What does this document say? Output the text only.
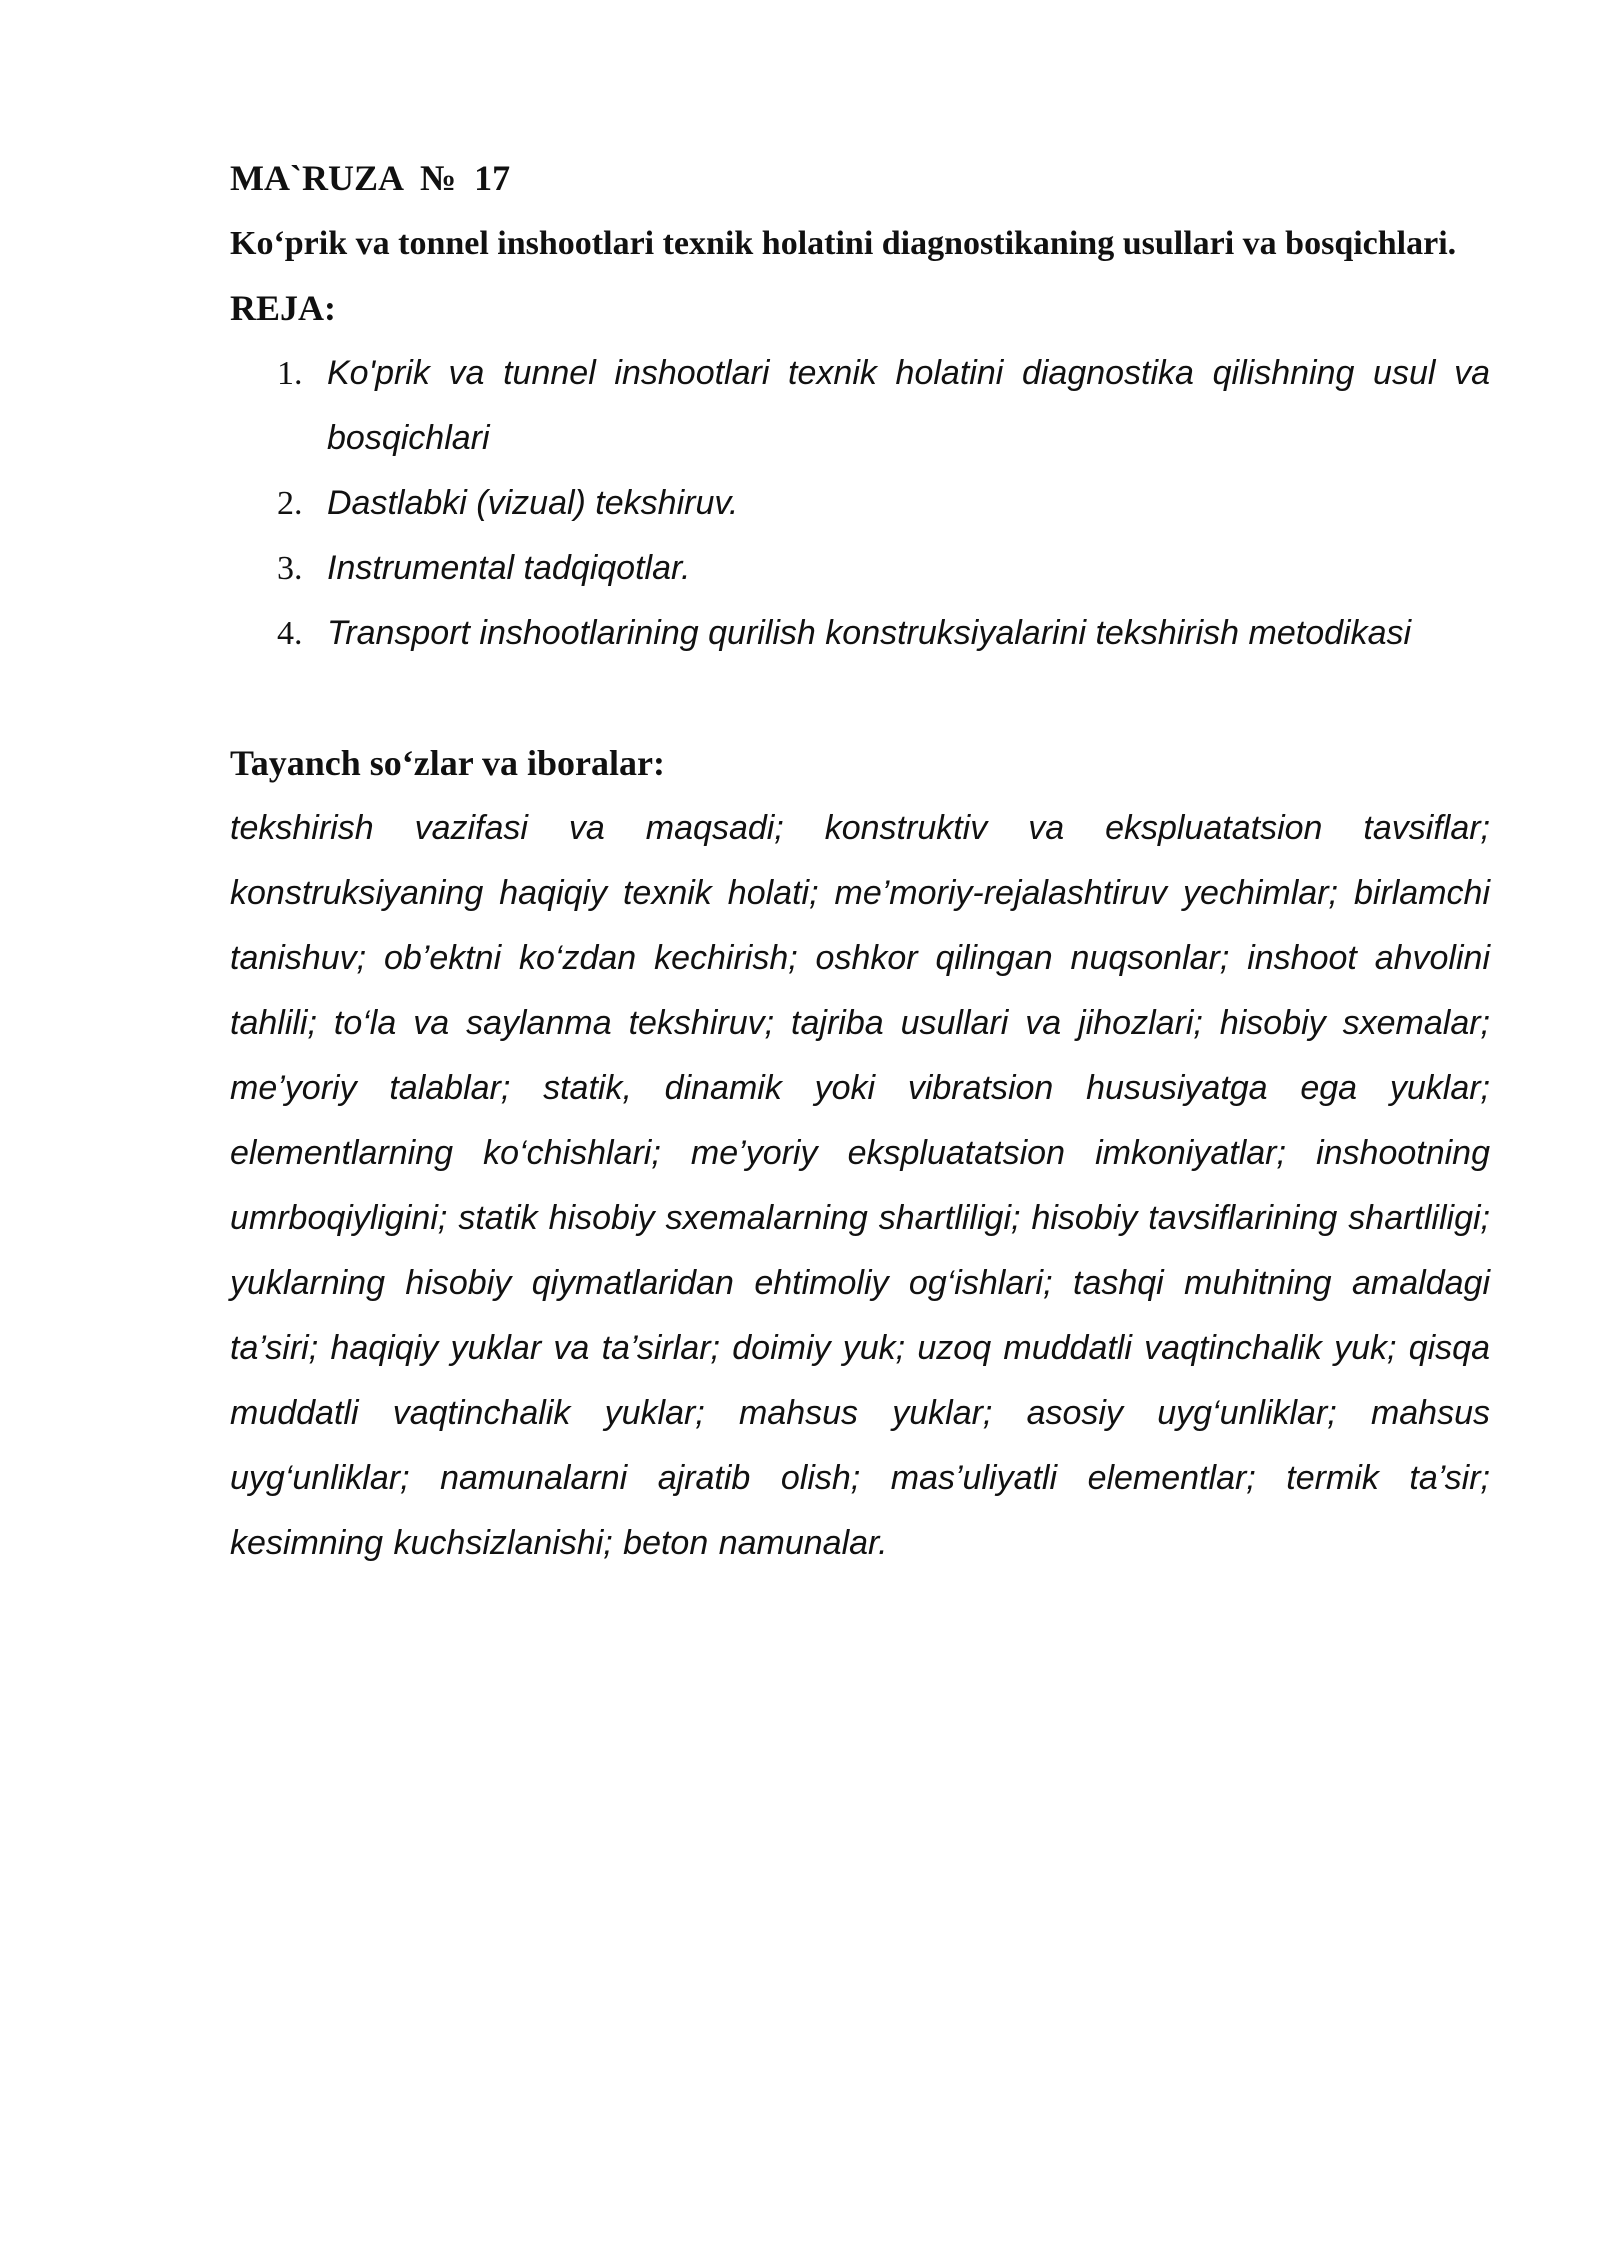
MA`RUZA  №  17

Ko‘prik va tonnel inshootlari texnik holatini diagnostikaning usullari va bosqichlari.

REJA:

1. Ko'prik va tunnel inshootlari texnik holatini diagnostika qilishning usul va bosqichlari
2. Dastlabki (vizual) tekshiruv.
3. Instrumental tadqiqotlar.
4. Transport inshootlarining qurilish konstruksiyalarini tekshirish metodikasi

Tayanch so‘zlar va iboralar:

tekshirish vazifasi va maqsadi; konstruktiv va ekspluatatsion tavsiflar; konstruksiyaning haqiqiy texnik holati; me’moriy-rejalashtiruv yechimlar; birlamchi tanishuv; ob’ektni ko‘zdan kechirish; oshkor qilingan nuqsonlar; inshoot ahvolini tahlili; to‘la va saylanma tekshiruv; tajriba usullari va jihozlari; hisobiy sxemalar; me’yoriy talablar; statik, dinamik yoki vibratsion hususiyatga ega yuklar; elementlarning ko‘chishlari; me’yoriy ekspluatatsion imkoniyatlar; inshootning umrboqiyligini; statik hisobiy sxemalarning shartliligi; hisobiy tavsiflarining shartliligi; yuklarning hisobiy qiymatlaridan ehtimoliy og‘ishlari; tashqi muhitning amaldagi ta’siri; haqiqiy yuklar va ta’sirlar; doimiy yuk; uzoq muddatli vaqtinchalik yuk; qisqa muddatli vaqtinchalik yuklar; mahsus yuklar; asosiy uyg‘unliklar; mahsus uyg‘unliklar; namunalarni ajratib olish; mas’uliyatli elementlar; termik ta’sir; kesimning kuchsizlanishi; beton namunalar.
